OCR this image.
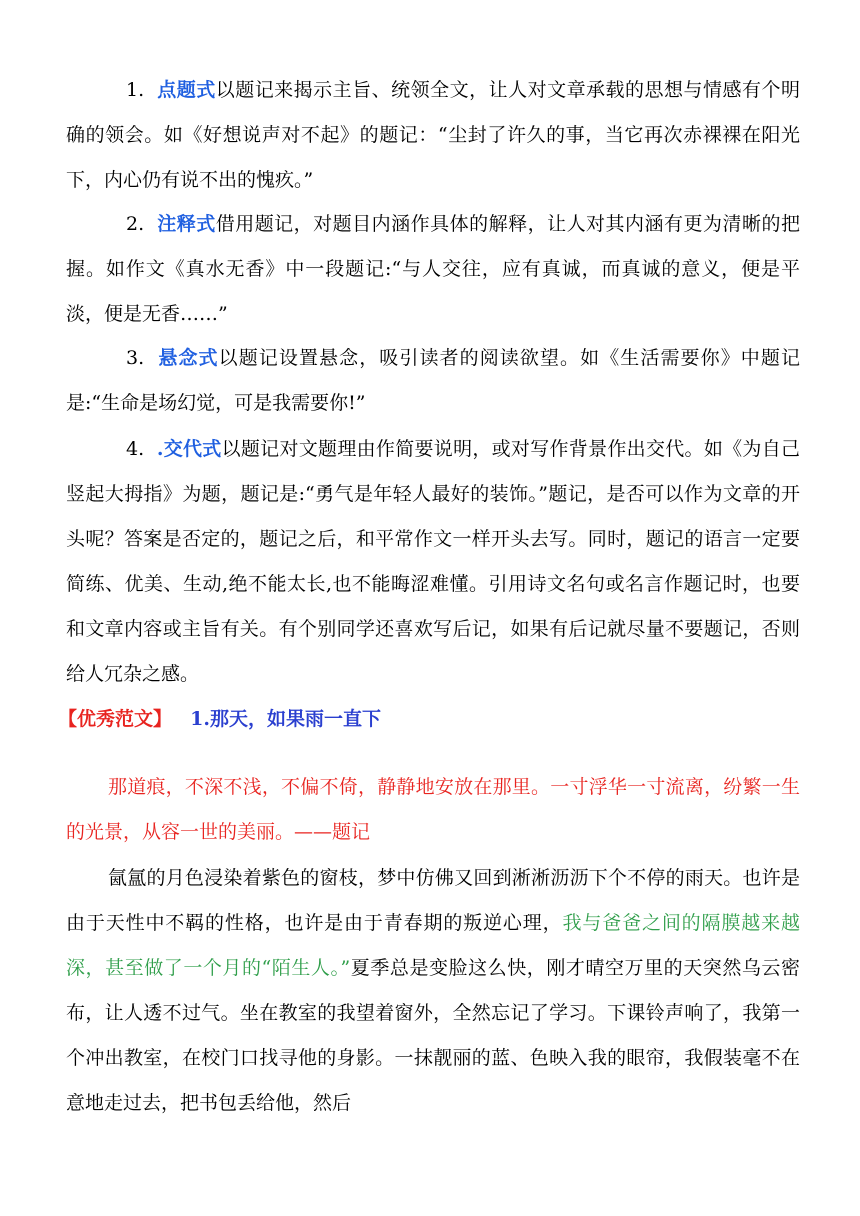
1. 点题式以题记来揭示主旨、统领全文，让人对文章承载的思想与情感有个明确的领会。如《好想说声对不起》的题记：“尘封了许久的事，当它再次赤裸裸在阳光下，内心仍有说不出的愧疚。”

2. 注释式借用题记，对题目内涵作具体的解释，让人对其内涵有更为清晰的把握。如作文《真水无香》中一段题记:“与人交往，应有真诚，而真诚的意义，便是平淡，便是无香……”

3. 悬念式以题记设置悬念，吸引读者的阅读欲望。如《生活需要你》中题记是:“生命是场幻觉，可是我需要你!”

4. .交代式以题记对文题理由作简要说明，或对写作背景作出交代。如《为自己竖起大拇指》为题，题记是:“勇气是年轻人最好的装饰。”题记，是否可以作为文章的开头呢？答案是否定的，题记之后，和平常作文一样开头去写。同时，题记的语言一定要简练、优美、生动,绝不能太长,也不能晦涩难懂。引用诗文名句或名言作题记时，也要和文章内容或主旨有关。有个别同学还喜欢写后记，如果有后记就尽量不要题记，否则给人冗杂之感。

【优秀范文】 1.那天，如果雨一直下

那道痕，不深不浅，不偏不倚，静静地安放在那里。一寸浮华一寸流离，纷繁一生的光景，从容一世的美丽。——题记

氤氲的月色浸染着紫色的窗枝，梦中仿佛又回到淅淅沥沥下个不停的雨天。也许是由于天性中不羁的性格，也许是由于青春期的叛逆心理，我与爸爸之间的隔膜越来越深，甚至做了一个月的“陌生人。”夏季总是变脸这么快，刚才晴空万里的天突然乌云密布，让人透不过气。坐在教室的我望着窗外，全然忘记了学习。下课铃声响了，我第一个冲出教室，在校门口找寻他的身影。一抹靓丽的蓝、色映入我的眼帘，我假装毫不在意地走过去，把书包丢给他，然后
